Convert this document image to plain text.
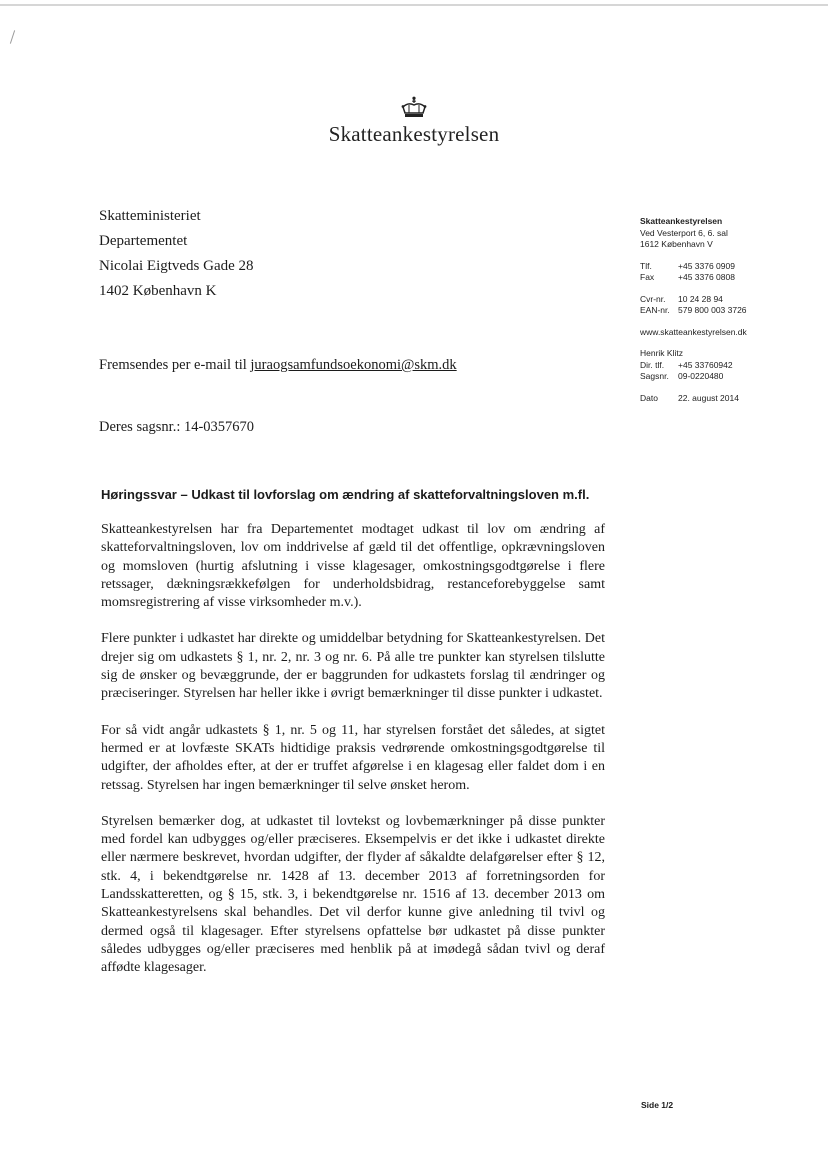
Skatteankestyrelsen
Skatteministeriet
Departementet
Nicolai Eigtveds Gade 28
1402 København K
Skatteankestyrelsen
Ved Vesterport 6, 6. sal
1612 København V
Tlf.	+45 3376 0909
Fax	+45 3376 0808
Cvr-nr. 10 24 28 94
EAN-nr. 579 800 003 3726
www.skatteankestyrelsen.dk
Henrik Klitz
Dir. tlf. +45 33760942
Sagsnr. 09-0220480
Dato 22. august 2014
Fremsendes per e-mail til juraogsamfundsoekonomi@skm.dk
Deres sagsnr.: 14-0357670
Høringssvar – Udkast til lovforslag om ændring af skatteforvaltningsloven m.fl.

Skatteankestyrelsen har fra Departementet modtaget udkast til lov om ændring af skatteforvaltningsloven, lov om inddrivelse af gæld til det offentlige, opkrævningsloven og momsloven (hurtig afslutning i visse klagesager, omkostningsgodtgørelse i flere retssager, dækningsrækkefølgen for underholdsbidrag, restanceforebyggelse samt momsregistrering af visse virksomheder m.v.).

Flere punkter i udkastet har direkte og umiddelbar betydning for Skatteankestyrelsen. Det drejer sig om udkastets § 1, nr. 2, nr. 3 og nr. 6. På alle tre punkter kan styrelsen tilslutte sig de ønsker og bevæggrunde, der er baggrunden for udkastets forslag til ændringer og præciseringer. Styrelsen har heller ikke i øvrigt bemærkninger til disse punkter i udkastet.

For så vidt angår udkastets § 1, nr. 5 og 11, har styrelsen forstået det således, at sigtet hermed er at lovfæste SKATs hidtidige praksis vedrørende omkostningsgodtgørelse til udgifter, der afholdes efter, at der er truffet afgørelse i en klagesag eller faldet dom i en retssag. Styrelsen har ingen bemærkninger til selve ønsket herom.

Styrelsen bemærker dog, at udkastet til lovtekst og lovbemærkninger på disse punkter med fordel kan udbygges og/eller præciseres. Eksempelvis er det ikke i udkastet direkte eller nærmere beskrevet, hvordan udgifter, der flyder af såkaldte delafgørelser efter § 12, stk. 4, i bekendtgørelse nr. 1428 af 13. december 2013 af forretningsorden for Landsskatteretten, og § 15, stk. 3, i bekendtgørelse nr. 1516 af 13. december 2013 om Skatteankestyrelsens skal behandles. Det vil derfor kunne give anledning til tvivl og dermed også til klagesager. Efter styrelsens opfattelse bør udkastet på disse punkter således udbygges og/eller præciseres med henblik på at imødegå sådan tvivl og deraf affødte klagesager.

Side 1/2
